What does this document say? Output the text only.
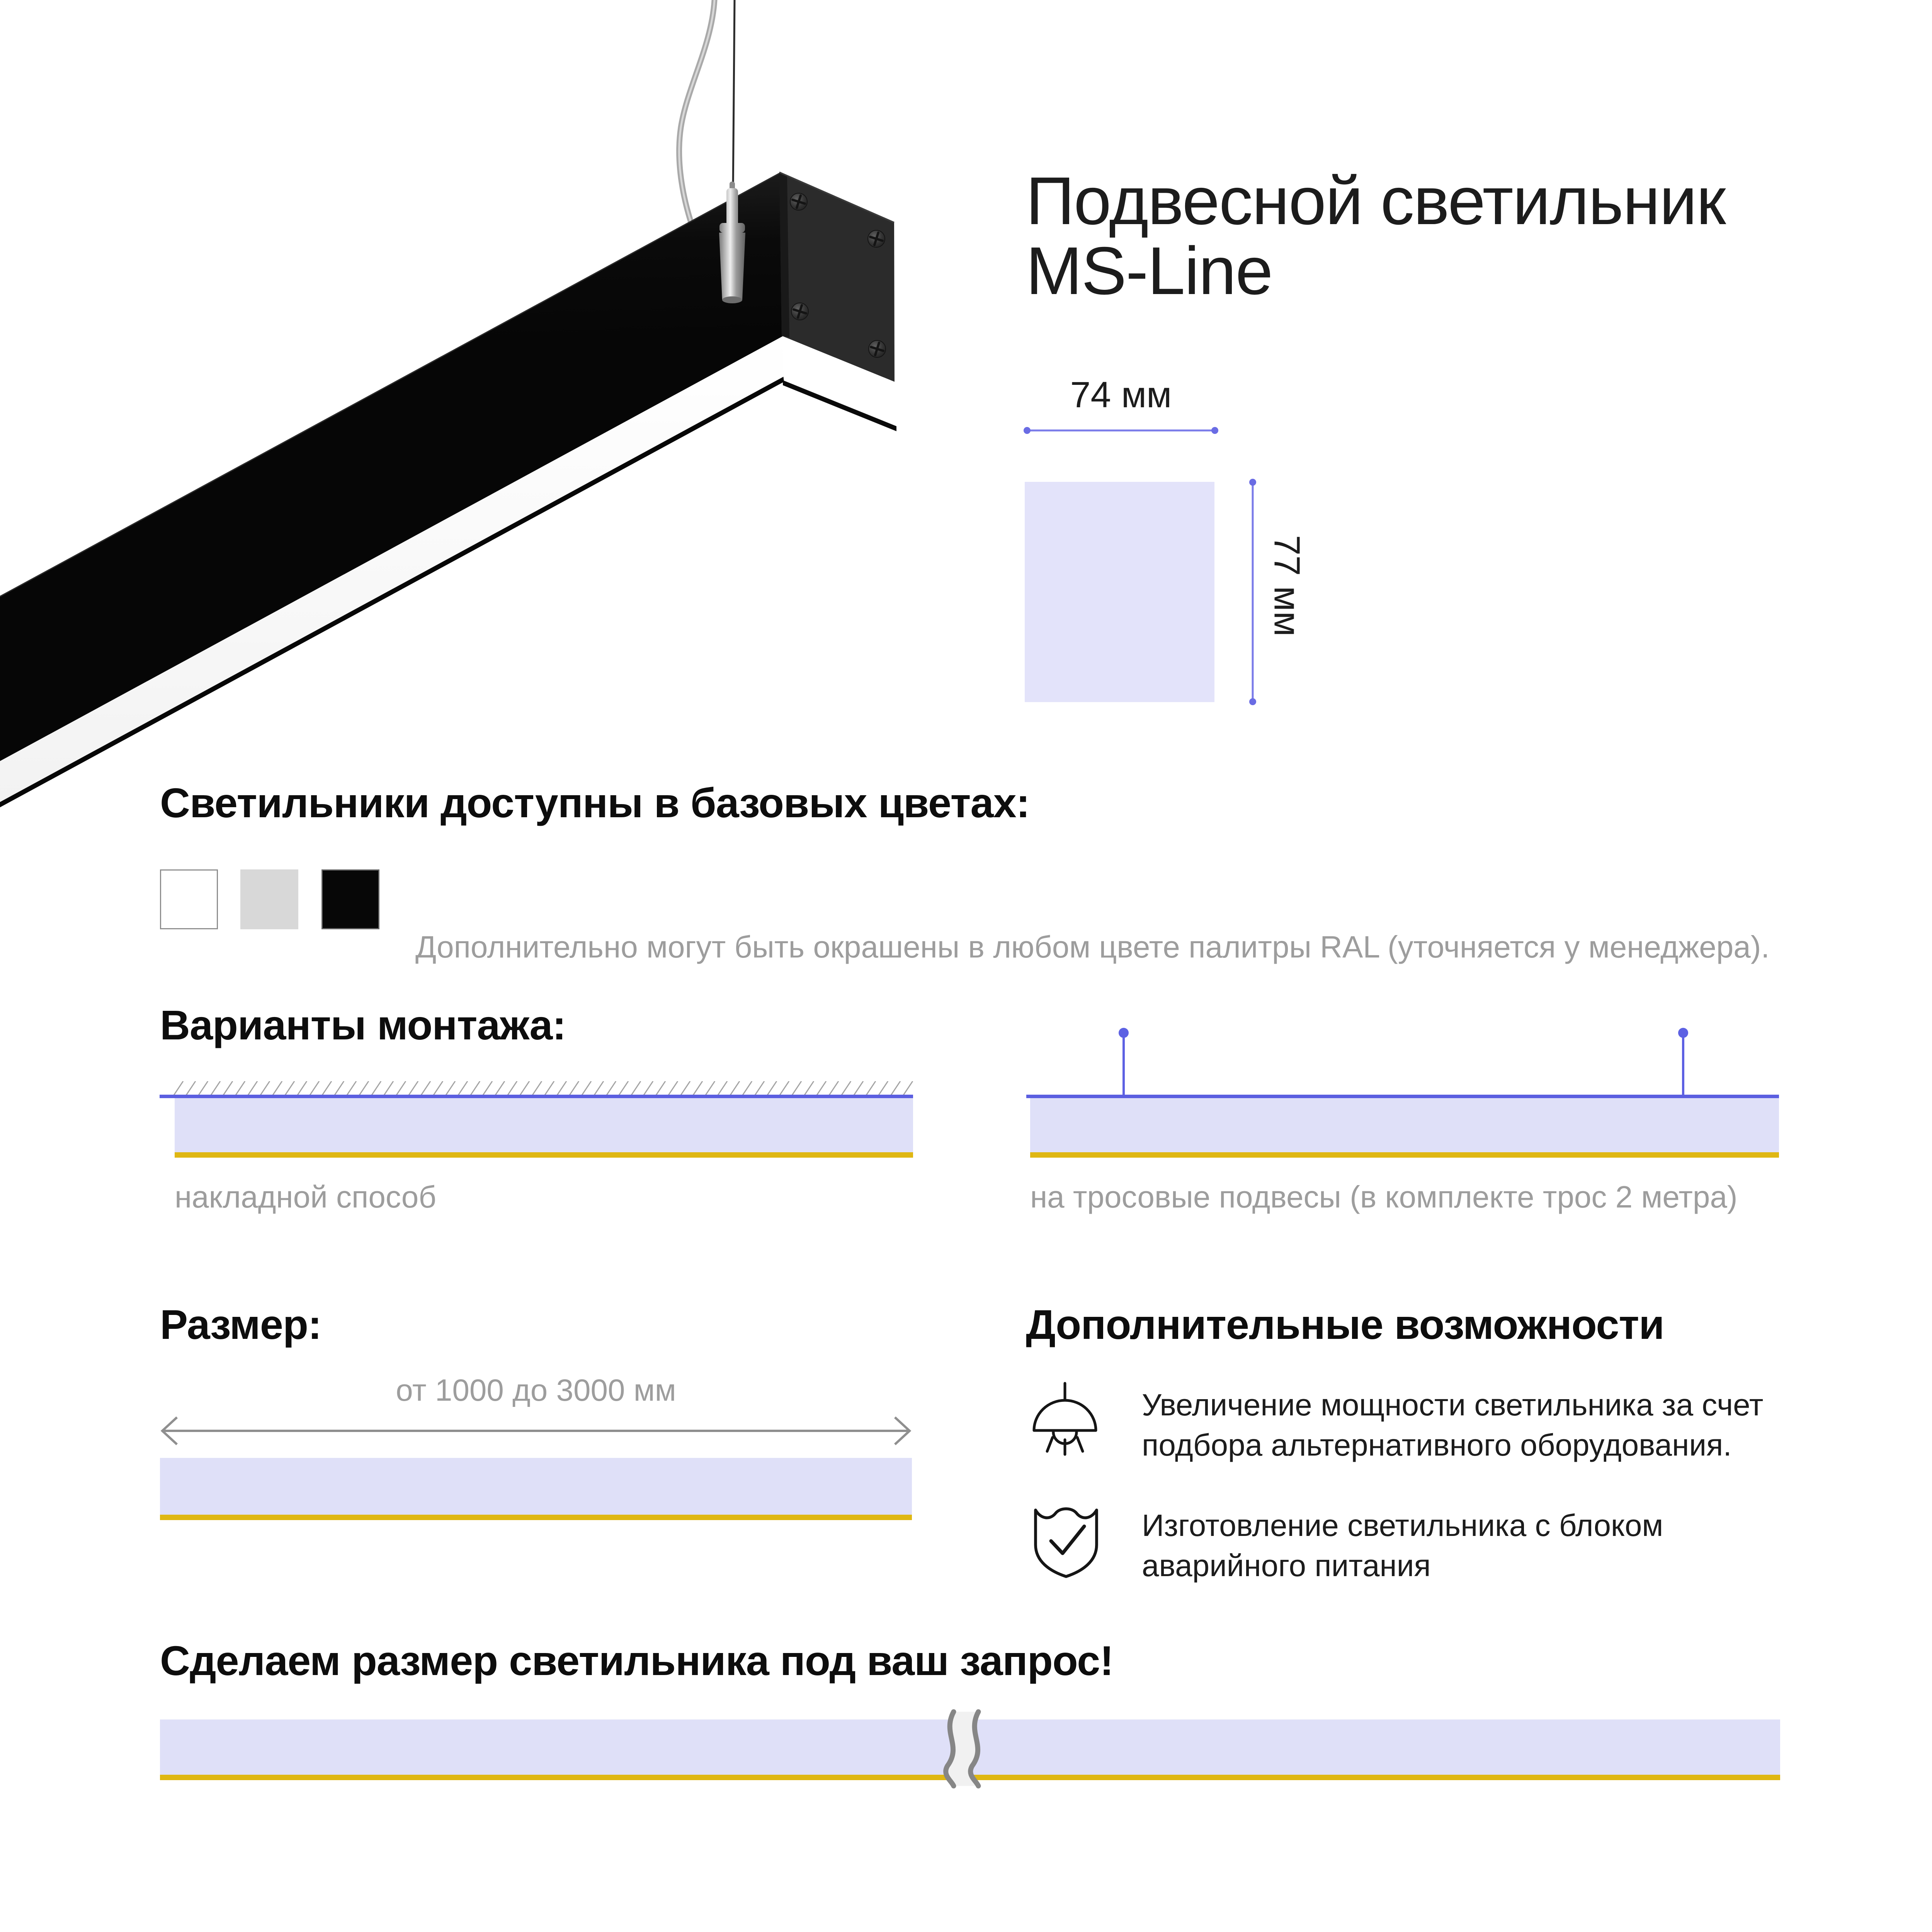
Подвесной светильник
MS-Line
74 мм
77 мм
Светильники доступны в базовых цветах:
Дополнительно могут быть окрашены в любом цвете палитры RAL (уточняется у менеджера).
Варианты монтажа:
накладной способ	на тросовые подвесы (в комплекте трос 2 метра)
Размер:
от 1000 до 3000 мм
Дополнительные возможности
Увеличение мощности светильника за счет
подбора альтернативного оборудования.
Изготовление светильника с блоком
аварийного питания
Сделаем размер светильника под ваш запрос!
